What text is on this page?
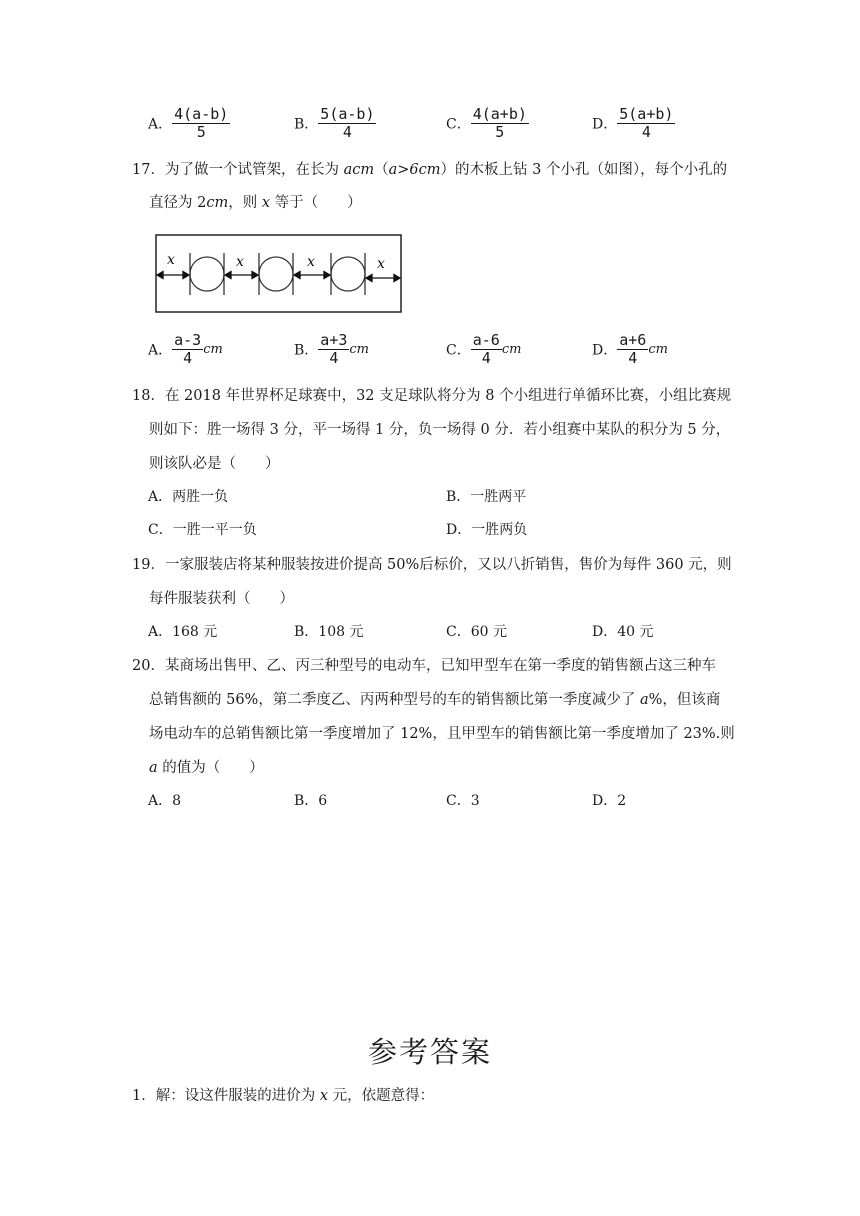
A． $\frac{4(a-b)}{5}$	B． $\frac{5(a-b)}{4}$	C． $\frac{4(a+b)}{5}$	D． $\frac{5(a+b)}{4}$
17．为了做一个试管架，在长为 acm（a>6cm）的木板上钻 3 个小孔（如图），每个小孔的
直径为 2cm，则 x 等于（　　）
x	x	x	x
A． $\frac{a-3}{4}$ cm	B． $\frac{a+3}{4}$ cm	C． $\frac{a-6}{4}$ cm	D． $\frac{a+6}{4}$ cm
18．在 2018 年世界杯足球赛中，32 支足球队将分为 8 个小组进行单循环比赛，小组比赛规
则如下：胜一场得 3 分，平一场得 1 分，负一场得 0 分．若小组赛中某队的积分为 5 分，
则该队必是（　　）
A．两胜一负	B．一胜两平
C．一胜一平一负	D．一胜两负
19．一家服装店将某种服装按进价提高 50%后标价，又以八折销售，售价为每件 360 元，则
每件服装获利（　　）
A．168 元	B．108 元	C．60 元	D．40 元
20．某商场出售甲、乙、丙三种型号的电动车，已知甲型车在第一季度的销售额占这三种车
总销售额的 56%，第二季度乙、丙两种型号的车的销售额比第一季度减少了 a%，但该商
场电动车的总销售额比第一季度增加了 12%，且甲型车的销售额比第一季度增加了 23%.则
a 的值为（　　）
A．8	B．6	C．3	D．2
参考答案
1．解：设这件服装的进价为 x 元，依题意得：
